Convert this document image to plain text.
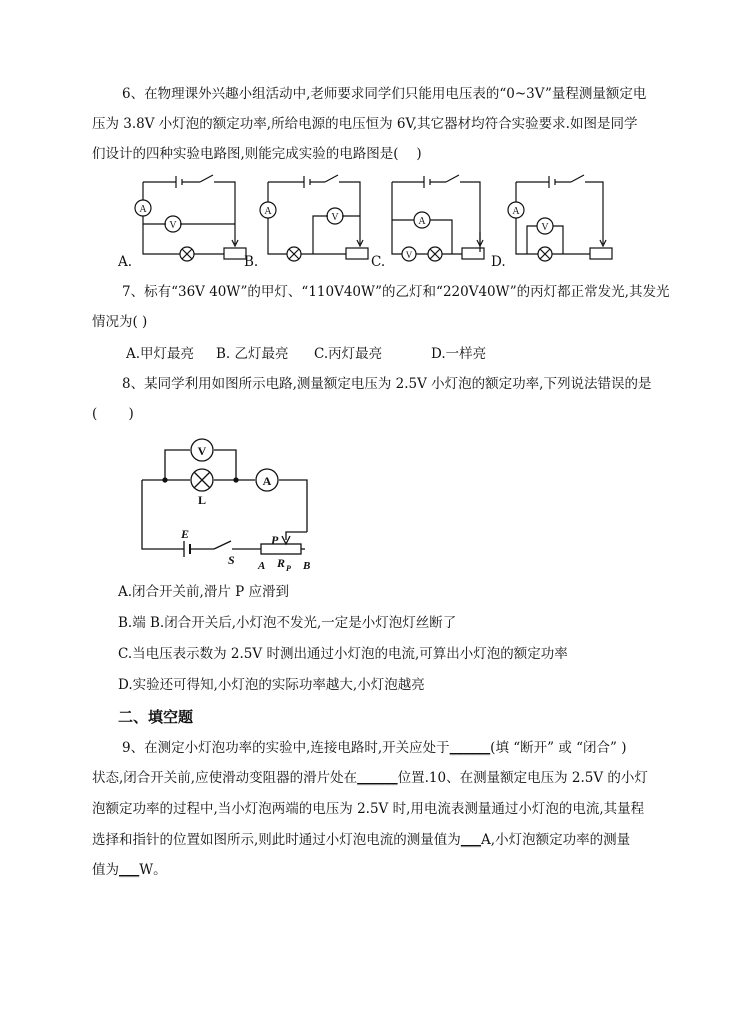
6、在物理课外兴趣小组活动中,老师要求同学们只能用电压表的“0~3V”量程测量额定电
压为 3.8V 小灯泡的额定功率,所给电源的电压恒为 6V,其它器材均符合实验要求.如图是同学
们设计的四种实验电路图,则能完成实验的电路图是(　 )
A
V
A
V	A
V
A
V
A.	B.	C.	D.
7、标有“36V 40W”的甲灯、“110V40W”的乙灯和“220V40W”的丙灯都正常发光,其发光
情况为( )
A.甲灯最亮 B. 乙灯最亮 C.丙灯最亮	D.一样亮
8、某同学利用如图所示电路,测量额定电压为 2.5V 小灯泡的额定功率,下列说法错误的是
(　　 )
V
L
A
E
S
P
A R P B
A.闭合开关前,滑片 P 应滑到
B.端 B.闭合开关后,小灯泡不发光,一定是小灯泡灯丝断了
C.当电压表示数为 2.5V 时测出通过小灯泡的电流,可算出小灯泡的额定功率
D.实验还可得知,小灯泡的实际功率越大,小灯泡越亮
二、填空题
9、在测定小灯泡功率的实验中,连接电路时,开关应处于______(填 “断开” 或 “闭合” )
状态,闭合开关前,应使滑动变阻器的滑片处在______位置.10、在测量额定电压为 2.5V 的小灯
泡额定功率的过程中,当小灯泡两端的电压为 2.5V 时,用电流表测量通过小灯泡的电流,其量程
选择和指针的位置如图所示,则此时通过小灯泡电流的测量值为___A,小灯泡额定功率的测量
值为___W。
